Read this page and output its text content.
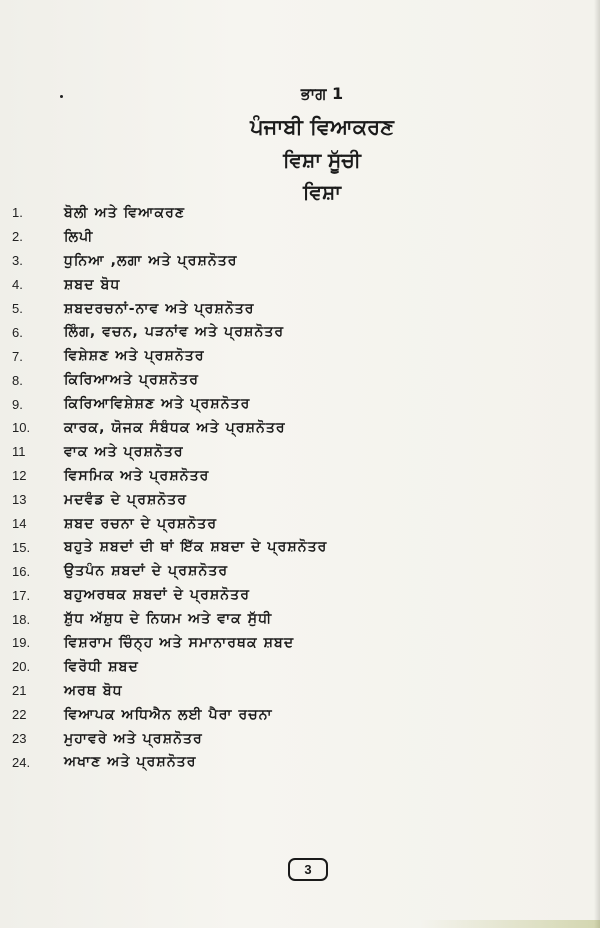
ਭਾਗ 1
ਪੰਜਾਬੀ ਵਿਆਕਰਣ
ਵਿਸ਼ਾ ਸੂੱਚੀ
ਵਿਸ਼ਾ
1.	ਬੋਲੀ ਅਤੇ ਵਿਆਕਰਣ
2.	ਲਿਪੀ
3.	ਧੁਨਿਆ ,ਲਗਾ ਅਤੇ ਪ੍ਰਸ਼ਨੋਤਰ
4.	ਸ਼ਬਦ ਬੋਧ
5.	ਸ਼ਬਦਰਚਨਾਂ-ਨਾਵ ਅਤੇ ਪ੍ਰਸ਼ਨੋਤਰ
6.	ਲਿੰਗ, ਵਚਨ, ਪੜਨਾਂਵ ਅਤੇ ਪ੍ਰਸ਼ਨੋਤਰ
7.	ਵਿਸ਼ੇਸ਼ਣ ਅਤੇ ਪ੍ਰਸ਼ਨੋਤਰ
8.	ਕਿਰਿਆਅਤੇ ਪ੍ਰਸ਼ਨੋਤਰ
9.	ਕਿਰਿਆਵਿਸ਼ੇਸ਼ਣ ਅਤੇ ਪ੍ਰਸ਼ਨੋਤਰ
10.	ਕਾਰਕ, ਯੋਜਕ ਸੰਬੰਧਕ ਅਤੇ ਪ੍ਰਸ਼ਨੋਤਰ
11	ਵਾਕ ਅਤੇ ਪ੍ਰਸ਼ਨੋਤਰ
12	ਵਿਸਮਿਕ ਅਤੇ ਪ੍ਰਸ਼ਨੋਤਰ
13	ਮਦਵੰਡ ਦੇ ਪ੍ਰਸ਼ਨੋਤਰ
14	ਸ਼ਬਦ ਰਚਨਾ ਦੇ ਪ੍ਰਸ਼ਨੋਤਰ
15.	ਬਹੁਤੇ ਸ਼ਬਦਾਂ ਦੀ ਥਾਂ ਇੱਕ ਸ਼ਬਦਾ ਦੇ ਪ੍ਰਸ਼ਨੋਤਰ
16.	ਉਤਪੰਨ ਸ਼ਬਦਾਂ ਦੇ ਪ੍ਰਸ਼ਨੋਤਰ
17.	ਬਹੁਅਰਥਕ ਸ਼ਬਦਾਂ ਦੇ ਪ੍ਰਸ਼ਨੋਤਰ
18.	ਸ਼ੁੱਧ ਅੱਸ਼ੁਧ ਦੇ ਨਿਯਮ ਅਤੇ ਵਾਕ ਸੁੱਧੀ
19.	ਵਿਸ਼ਰਾਮ ਚਿੰਨ੍ਹ ਅਤੇ ਸਮਾਨਾਰਥਕ ਸ਼ਬਦ
20.	ਵਿਰੋਧੀ ਸ਼ਬਦ
21	ਅਰਥ ਬੋਧ
22	ਵਿਆਪਕ ਅਧਿਐਨ ਲਈ ਪੈਰਾ ਰਚਨਾ
23	ਮੁਹਾਵਰੇ ਅਤੇ ਪ੍ਰਸ਼ਨੋਤਰ
24.	ਅਖਾਣ ਅਤੇ ਪ੍ਰਸ਼ਨੋਤਰ
3
